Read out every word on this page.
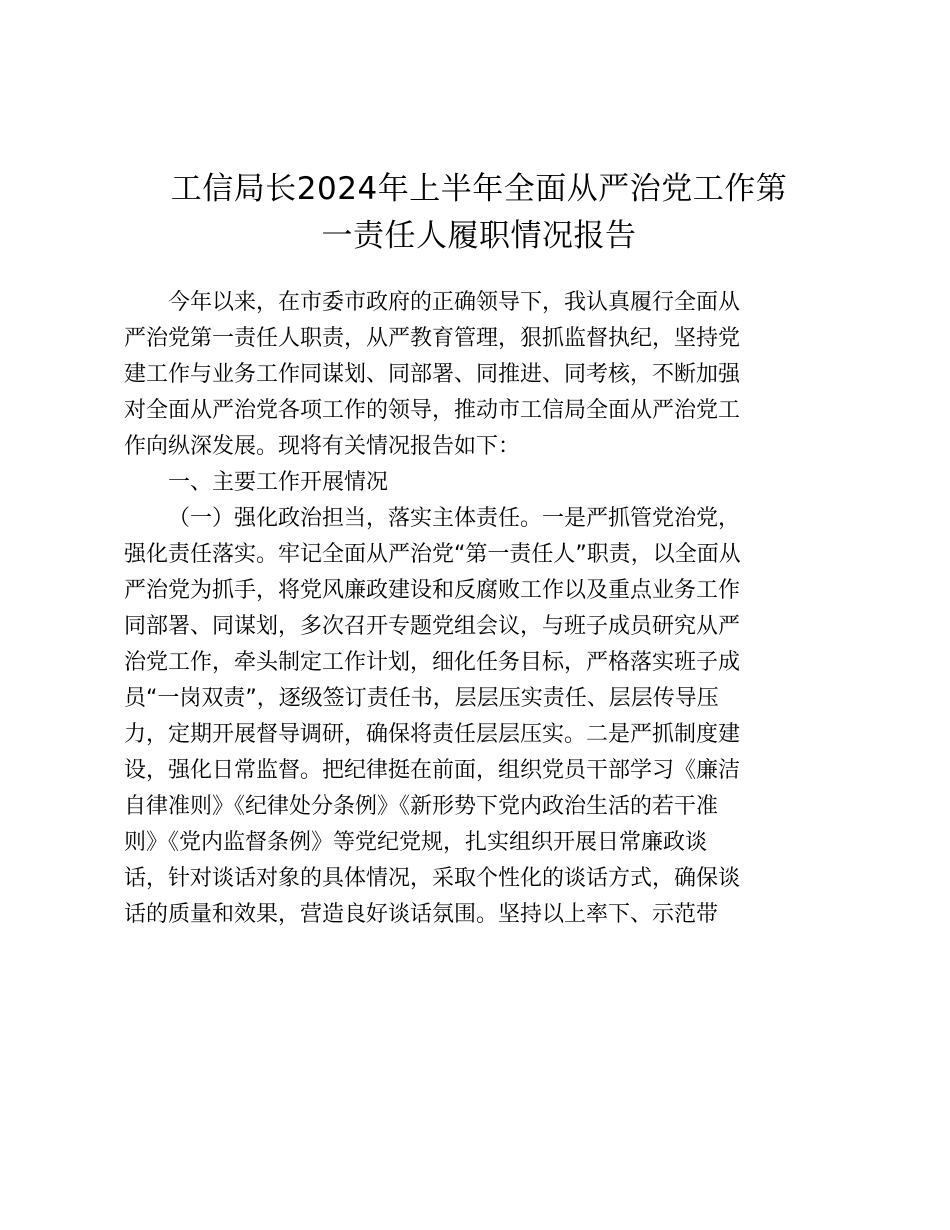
工信局长2024年上半年全面从严治党工作第
一责任人履职情况报告

今年以来，在市委市政府的正确领导下，我认真履行全面从

严治党第一责任人职责，从严教育管理，狠抓监督执纪，坚持党

建工作与业务工作同谋划、同部署、同推进、同考核，不断加强

对全面从严治党各项工作的领导，推动市工信局全面从严治党工

作向纵深发展。现将有关情况报告如下：

一、主要工作开展情况

（一）强化政治担当，落实主体责任。一是严抓管党治党，

强化责任落实。牢记全面从严治党“第一责任人”职责，以全面从

严治党为抓手，将党风廉政建设和反腐败工作以及重点业务工作

同部署、同谋划，多次召开专题党组会议，与班子成员研究从严

治党工作，牵头制定工作计划，细化任务目标，严格落实班子成

员“一岗双责”，逐级签订责任书，层层压实责任、层层传导压

力，定期开展督导调研，确保将责任层层压实。二是严抓制度建

设，强化日常监督。把纪律挺在前面，组织党员干部学习《廉洁

自律准则》《纪律处分条例》《新形势下党内政治生活的若干准

则》《党内监督条例》等党纪党规，扎实组织开展日常廉政谈

话，针对谈话对象的具体情况，采取个性化的谈话方式，确保谈

话的质量和效果，营造良好谈话氛围。坚持以上率下、示范带
